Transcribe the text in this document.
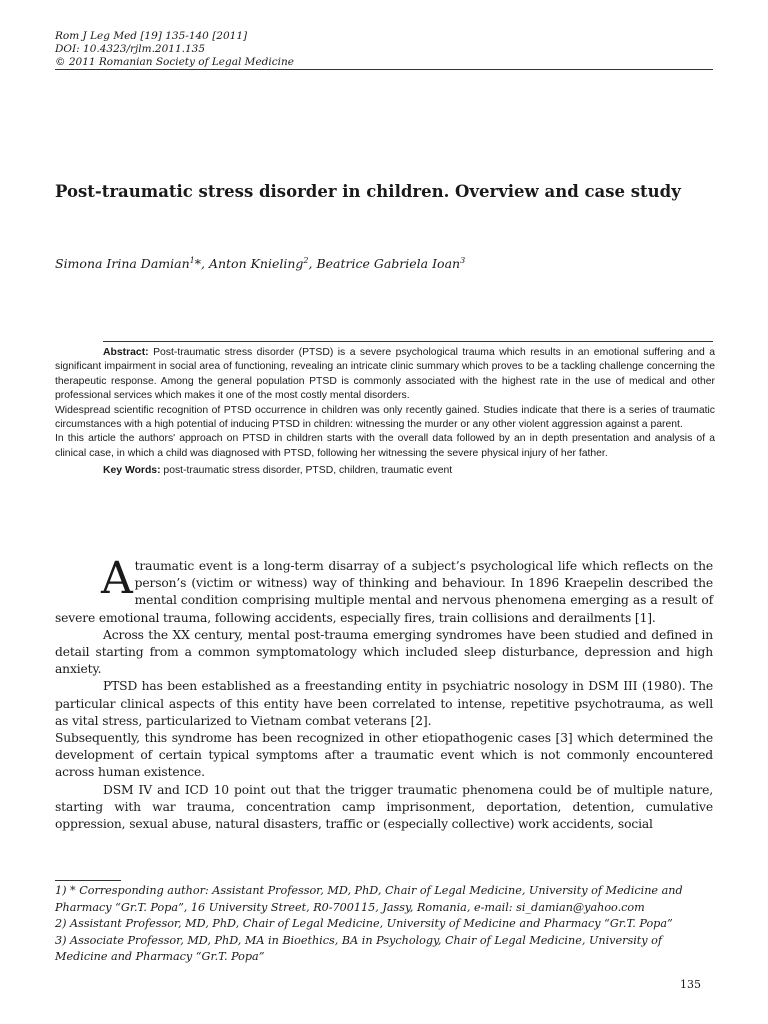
Rom J Leg Med [19] 135-140 [2011]
DOI: 10.4323/rjlm.2011.135
© 2011 Romanian Society of Legal Medicine
Post-traumatic stress disorder in children. Overview and case study
Simona Irina Damian$^1$*, Anton Knieling$^2$, Beatrice Gabriela Ioan$^3$

Abstract: Post-traumatic stress disorder (PTSD) is a severe psychological trauma which results in an emotional suffering and a significant impairment in social area of functioning, revealing an intricate clinic summary which proves to be a tackling challenge concerning the therapeutic response. Among the general population PTSD is commonly associated with the highest rate in the use of medical and other professional services which makes it one of the most costly mental disorders.

Widespread scientific recognition of PTSD occurrence in children was only recently gained. Studies indicate that there is a series of traumatic circumstances with a high potential of inducing PTSD in children: witnessing the murder or any other violent aggression against a parent.

In this article the authors' approach on PTSD in children starts with the overall data followed by an in depth presentation and analysis of a clinical case, in which a child was diagnosed with PTSD, following her witnessing the severe physical injury of her father.

Key Words: post-traumatic stress disorder, PTSD, children, traumatic event

A traumatic event is a long-term disarray of a subject’s psychological life which reflects on the person’s (victim or witness) way of thinking and behaviour. In 1896 Kraepelin described the mental condition comprising multiple mental and nervous phenomena emerging as a result of severe emotional trauma, following accidents, especially fires, train collisions and derailments [1].

Across the XX century, mental post-trauma emerging syndromes have been studied and defined in detail starting from a common symptomatology which included sleep disturbance, depression and high anxiety.

PTSD has been established as a freestanding entity in psychiatric nosology in DSM III (1980). The particular clinical aspects of this entity have been correlated to intense, repetitive psychotrauma, as well as vital stress, particularized to Vietnam combat veterans [2].

Subsequently, this syndrome has been recognized in other etiopathogenic cases [3] which determined the development of certain typical symptoms after a traumatic event which is not commonly encountered across human existence.

DSM IV and ICD 10 point out that the trigger traumatic phenomena could be of multiple nature, starting with war trauma, concentration camp imprisonment, deportation, detention, cumulative oppression, sexual abuse, natural disasters, traffic or (especially collective) work accidents, social

1) * Corresponding author: Assistant Professor, MD, PhD, Chair of Legal Medicine, University of Medicine and Pharmacy “Gr.T. Popa”, 16 University Street, R0-700115, Jassy, Romania, e-mail: si_damian@yahoo.com

2) Assistant Professor, MD, PhD, Chair of Legal Medicine, University of Medicine and Pharmacy “Gr.T. Popa”

3) Associate Professor, MD, PhD, MA in Bioethics, BA in Psychology, Chair of Legal Medicine, University of Medicine and Pharmacy “Gr.T. Popa”

135
